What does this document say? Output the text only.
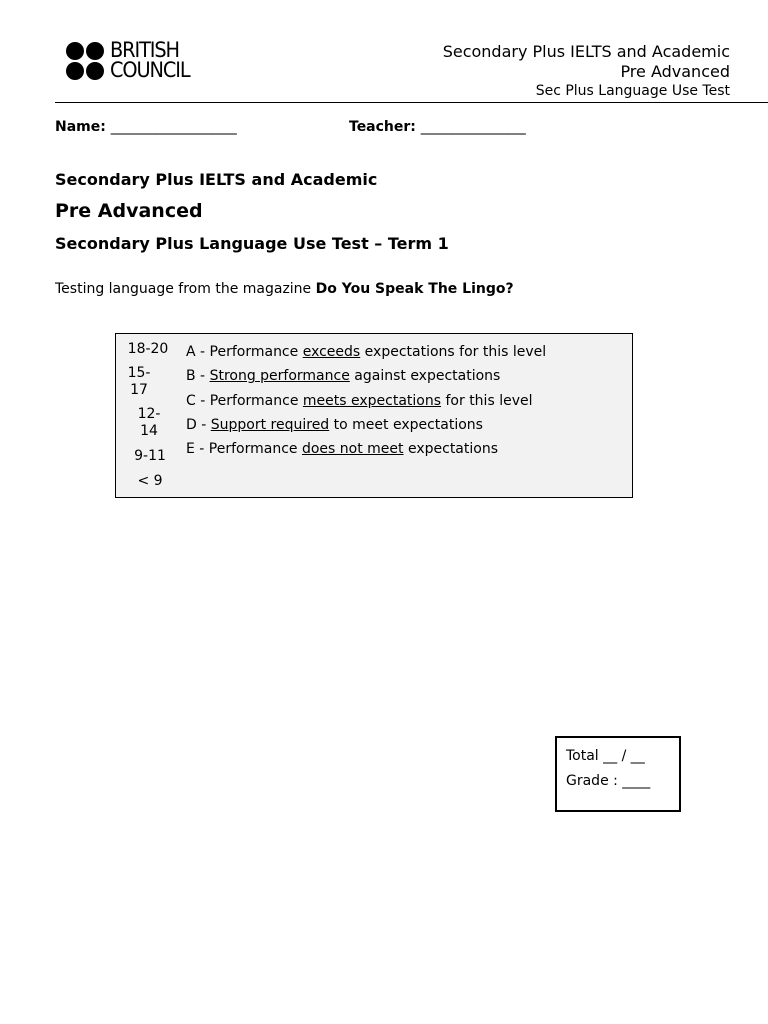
BRITISH
COUNCIL
Secondary Plus IELTS and Academic
Pre Advanced
Sec Plus Language Use Test
Name: __________________	Teacher: _______________
Secondary Plus IELTS and Academic
Pre Advanced
Secondary Plus Language Use Test – Term 1
Testing language from the magazine Do You Speak The Lingo?
18-20
15-
17
12-
14
9-11
< 9
A - Performance exceeds expectations for this level
B - Strong performance against expectations
C - Performance meets expectations for this level
D - Support required to meet expectations
E - Performance does not meet expectations
Total __ / __
Grade : ____
